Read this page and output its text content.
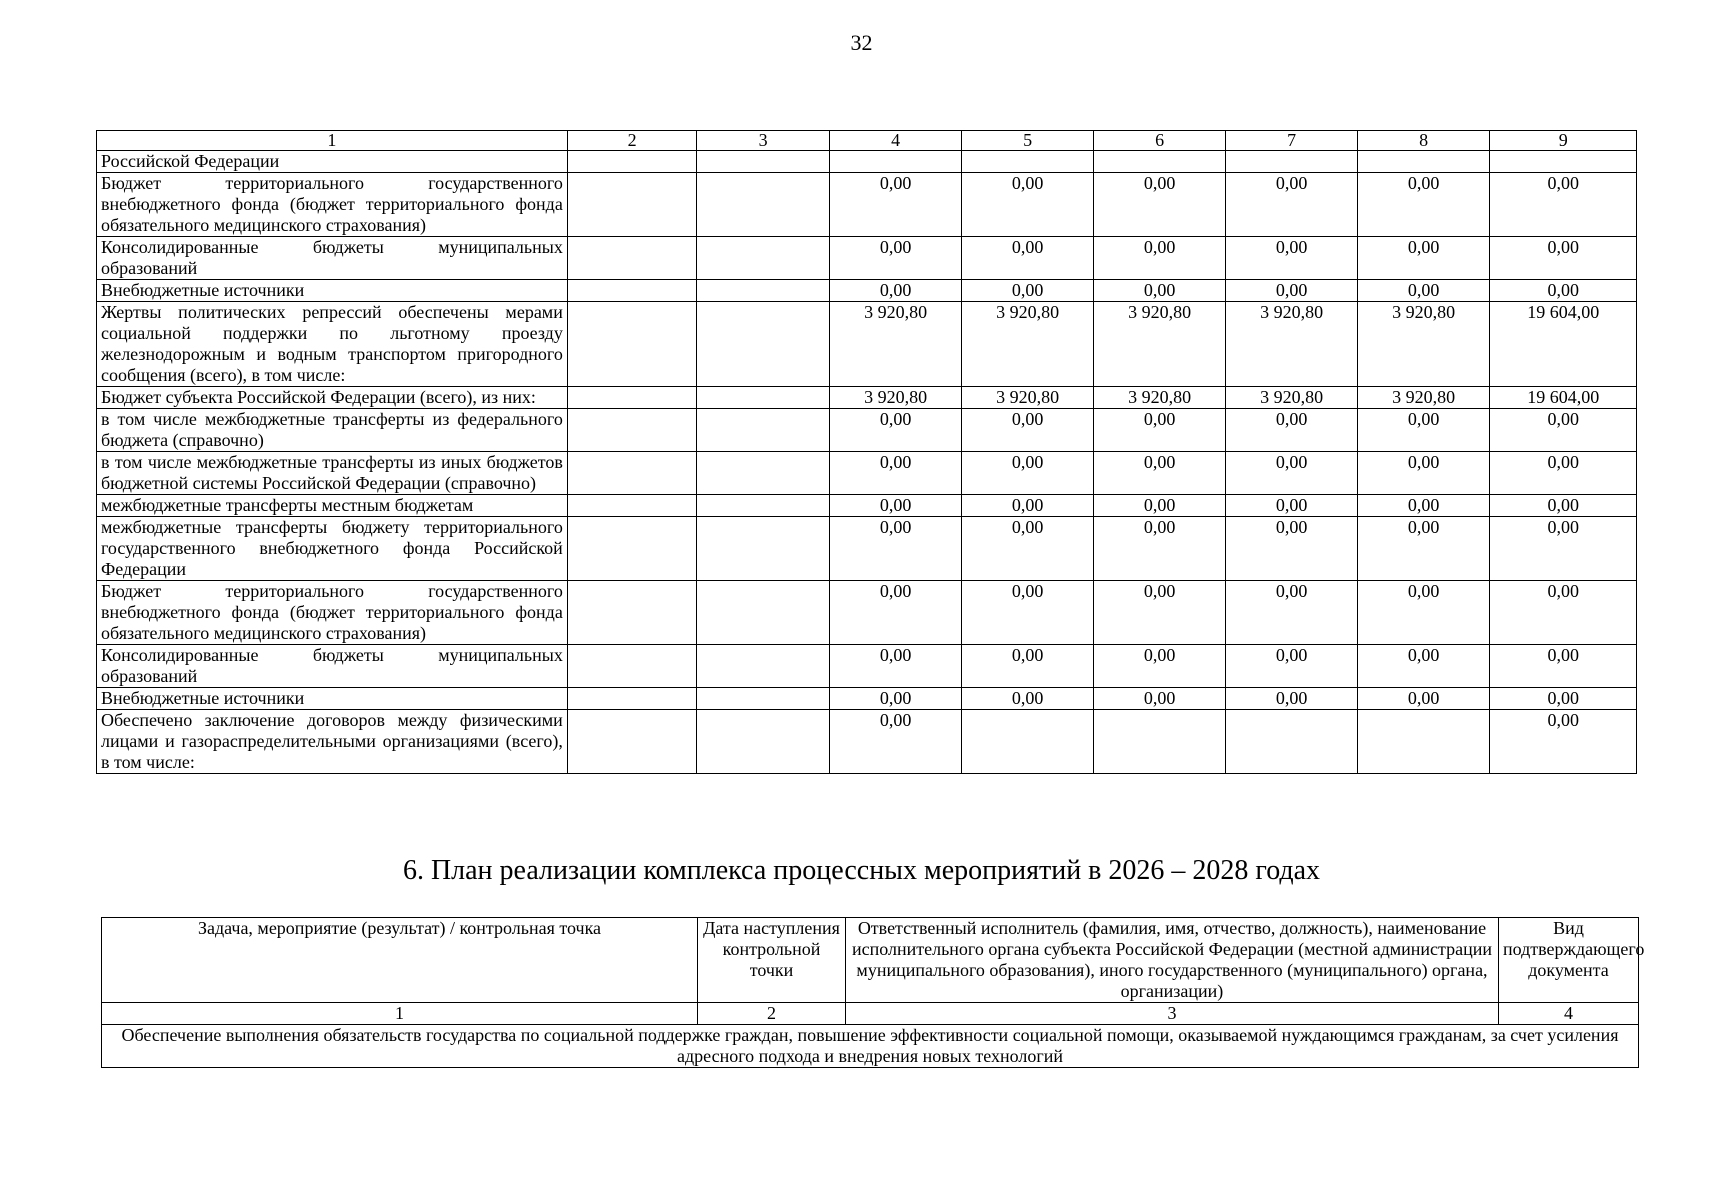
32
1	2	3	4	5	6	7	8	9
Российской Федерации								
Бюджет территориального государственного внебюджетного фонда (бюджет территориального фонда обязательного медицинского страхования)			0,00	0,00	0,00	0,00	0,00	0,00
Консолидированные бюджеты муниципальных образований			0,00	0,00	0,00	0,00	0,00	0,00
Внебюджетные источники			0,00	0,00	0,00	0,00	0,00	0,00
Жертвы политических репрессий обеспечены мерами социальной поддержки по льготному проезду железнодорожным и водным транспортом пригородного сообщения (всего), в том числе:			3 920,80	3 920,80	3 920,80	3 920,80	3 920,80	19 604,00
Бюджет субъекта Российской Федерации (всего), из них:			3 920,80	3 920,80	3 920,80	3 920,80	3 920,80	19 604,00
в том числе межбюджетные трансферты из федерального бюджета (справочно)			0,00	0,00	0,00	0,00	0,00	0,00
в том числе межбюджетные трансферты из иных бюджетов бюджетной системы Российской Федерации (справочно)			0,00	0,00	0,00	0,00	0,00	0,00
межбюджетные трансферты местным бюджетам			0,00	0,00	0,00	0,00	0,00	0,00
межбюджетные трансферты бюджету территориального государственного внебюджетного фонда Российской Федерации			0,00	0,00	0,00	0,00	0,00	0,00
Бюджет территориального государственного внебюджетного фонда (бюджет территориального фонда обязательного медицинского страхования)			0,00	0,00	0,00	0,00	0,00	0,00
Консолидированные бюджеты муниципальных образований			0,00	0,00	0,00	0,00	0,00	0,00
Внебюджетные источники			0,00	0,00	0,00	0,00	0,00	0,00
Обеспечено заключение договоров между физическими лицами и газораспределительными организациями (всего), в том числе:			0,00					0,00
6. План реализации комплекса процессных мероприятий в 2026 – 2028 годах
Задача, мероприятие (результат) / контрольная точка	Дата наступления контрольной точки	Ответственный исполнитель (фамилия, имя, отчество, должность), наименование исполнительного органа субъекта Российской Федерации (местной администрации муниципального образования), иного государственного (муниципального) органа, организации)	Вид подтверждающего документа
1	2	3	4
Обеспечение выполнения обязательств государства по социальной поддержке граждан, повышение эффективности социальной помощи, оказываемой нуждающимся гражданам, за счет усиления адресного подхода и внедрения новых технологий			
